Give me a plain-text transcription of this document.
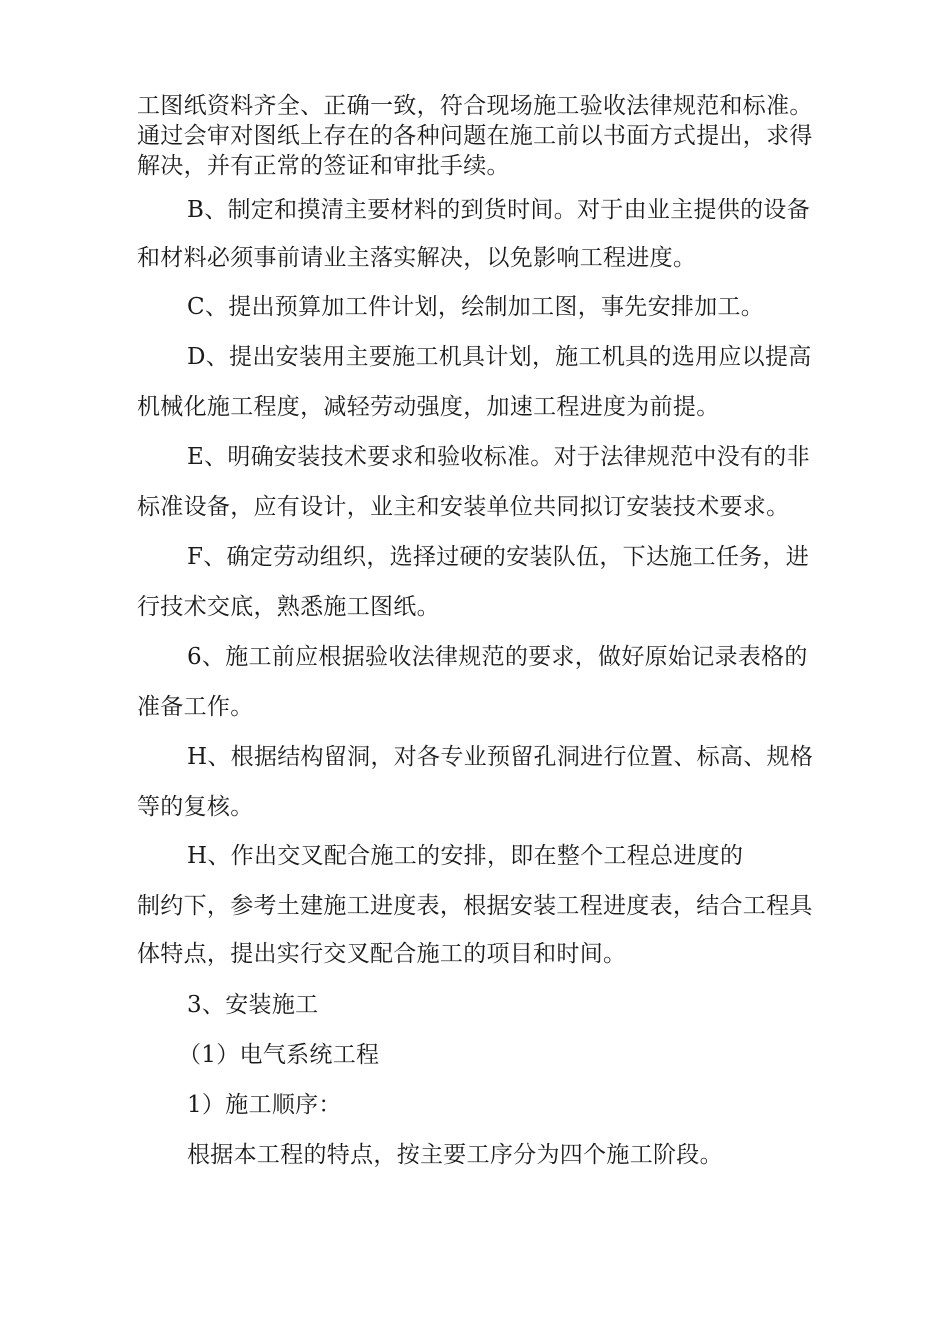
工图纸资料齐全、正确一致，符合现场施工验收法律规范和标准。
通过会审对图纸上存在的各种问题在施工前以书面方式提出，求得
解决，并有正常的签证和审批手续。
B、制定和摸清主要材料的到货时间。对于由业主提供的设备
和材料必须事前请业主落实解决，以免影响工程进度。
C、提出预算加工件计划，绘制加工图，事先安排加工。
D、提出安装用主要施工机具计划，施工机具的选用应以提高
机械化施工程度，减轻劳动强度，加速工程进度为前提。
E、明确安装技术要求和验收标准。对于法律规范中没有的非
标准设备，应有设计，业主和安装单位共同拟订安装技术要求。
F、确定劳动组织，选择过硬的安装队伍，下达施工任务，进
行技术交底，熟悉施工图纸。
6、施工前应根据验收法律规范的要求，做好原始记录表格的
准备工作。
H、根据结构留洞，对各专业预留孔洞进行位置、标高、规格
等的复核。
H、作出交叉配合施工的安排，即在整个工程总进度的
制约下，参考土建施工进度表，根据安装工程进度表，结合工程具
体特点，提出实行交叉配合施工的项目和时间。
3、安装施工
（1）电气系统工程
1）施工顺序：
根据本工程的特点，按主要工序分为四个施工阶段。
